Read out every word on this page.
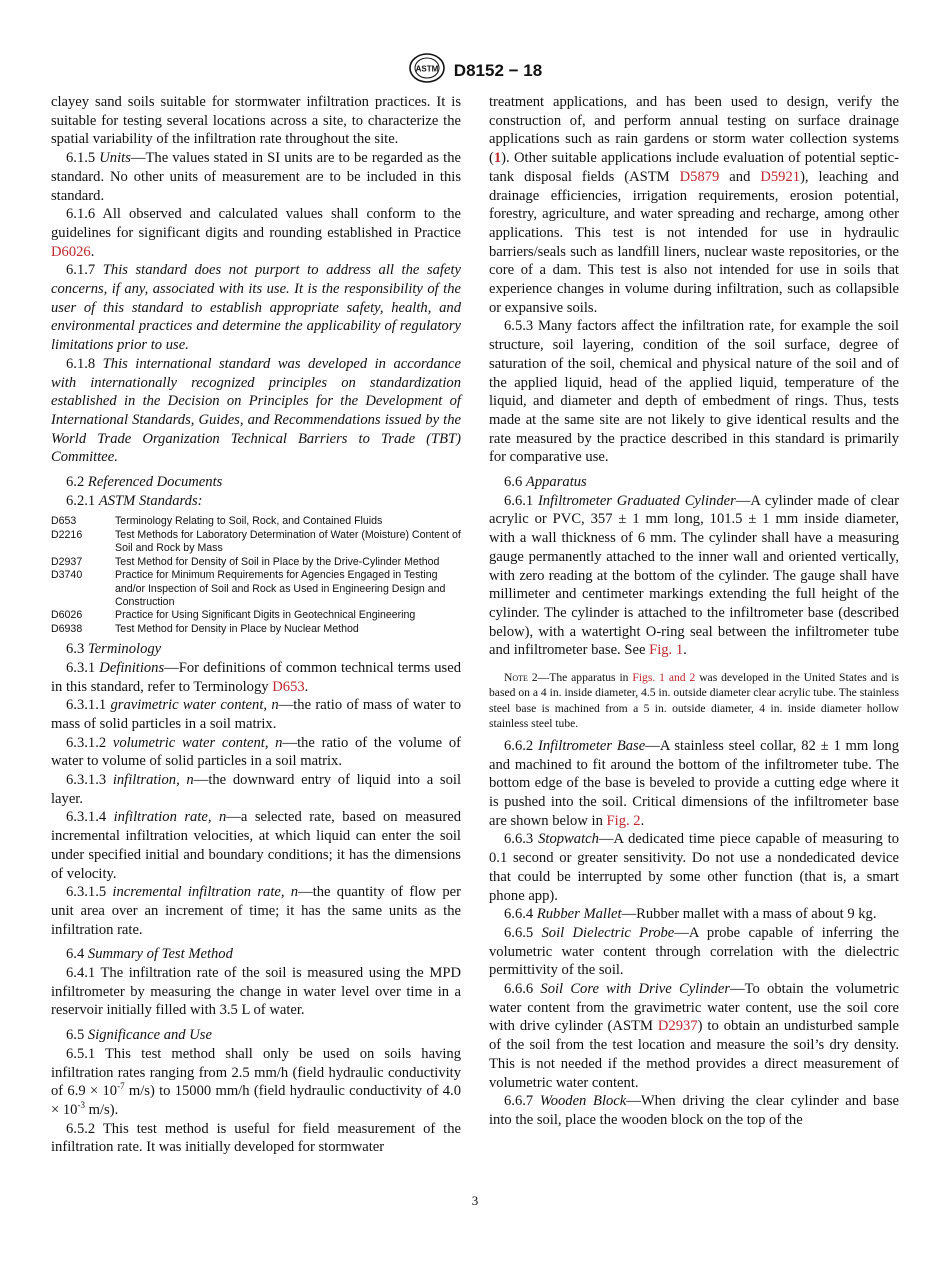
ASTM D8152 − 18

clayey sand soils suitable for stormwater infiltration practices. It is suitable for testing several locations across a site, to characterize the spatial variability of the infiltration rate throughout the site.

6.1.5 Units—The values stated in SI units are to be regarded as the standard. No other units of measurement are to be included in this standard.

6.1.6 All observed and calculated values shall conform to the guidelines for significant digits and rounding established in Practice D6026.

6.1.7 This standard does not purport to address all the safety concerns, if any, associated with its use. It is the responsibility of the user of this standard to establish appropriate safety, health, and environmental practices and determine the applicability of regulatory limitations prior to use.

6.1.8 This international standard was developed in accordance with internationally recognized principles on standardization established in the Decision on Principles for the Development of International Standards, Guides, and Recommendations issued by the World Trade Organization Technical Barriers to Trade (TBT) Committee.

6.2 Referenced Documents

6.2.1 ASTM Standards:

D653	Terminology Relating to Soil, Rock, and Contained Fluids
D2216	Test Methods for Laboratory Determination of Water (Moisture) Content of Soil and Rock by Mass
D2937	Test Method for Density of Soil in Place by the Drive-Cylinder Method
D3740	Practice for Minimum Requirements for Agencies Engaged in Testing and/or Inspection of Soil and Rock as Used in Engineering Design and Construction
D6026	Practice for Using Significant Digits in Geotechnical Engineering
D6938	Test Method for Density in Place by Nuclear Method

6.3 Terminology

6.3.1 Definitions—For definitions of common technical terms used in this standard, refer to Terminology D653.

6.3.1.1 gravimetric water content, n—the ratio of mass of water to mass of solid particles in a soil matrix.

6.3.1.2 volumetric water content, n—the ratio of the volume of water to volume of solid particles in a soil matrix.

6.3.1.3 infiltration, n—the downward entry of liquid into a soil layer.

6.3.1.4 infiltration rate, n—a selected rate, based on measured incremental infiltration velocities, at which liquid can enter the soil under specified initial and boundary conditions; it has the dimensions of velocity.

6.3.1.5 incremental infiltration rate, n—the quantity of flow per unit area over an increment of time; it has the same units as the infiltration rate.

6.4 Summary of Test Method

6.4.1 The infiltration rate of the soil is measured using the MPD infiltrometer by measuring the change in water level over time in a reservoir initially filled with 3.5 L of water.

6.5 Significance and Use

6.5.1 This test method shall only be used on soils having infiltration rates ranging from 2.5 mm/h (field hydraulic conductivity of $6.9 \times 10^{-7}$ m/s) to 15000 mm/h (field hydraulic conductivity of $4.0 \times 10^{-3}$ m/s).

6.5.2 This test method is useful for field measurement of the infiltration rate. It was initially developed for stormwater

treatment applications, and has been used to design, verify the construction of, and perform annual testing on surface drainage applications such as rain gardens or storm water collection systems (1). Other suitable applications include evaluation of potential septic-tank disposal fields (ASTM D5879 and D5921), leaching and drainage efficiencies, irrigation requirements, erosion potential, forestry, agriculture, and water spreading and recharge, among other applications. This test is not intended for use in hydraulic barriers/seals such as landfill liners, nuclear waste repositories, or the core of a dam. This test is also not intended for use in soils that experience changes in volume during infiltration, such as collapsible or expansive soils.

6.5.3 Many factors affect the infiltration rate, for example the soil structure, soil layering, condition of the soil surface, degree of saturation of the soil, chemical and physical nature of the soil and of the applied liquid, head of the applied liquid, temperature of the liquid, and diameter and depth of embedment of rings. Thus, tests made at the same site are not likely to give identical results and the rate measured by the practice described in this standard is primarily for comparative use.

6.6 Apparatus

6.6.1 Infiltrometer Graduated Cylinder—A cylinder made of clear acrylic or PVC, 357 ± 1 mm long, 101.5 ± 1 mm inside diameter, with a wall thickness of 6 mm. The cylinder shall have a measuring gauge permanently attached to the inner wall and oriented vertically, with zero reading at the bottom of the cylinder. The gauge shall have millimeter and centimeter markings extending the full height of the cylinder. The cylinder is attached to the infiltrometer base (described below), with a watertight O-ring seal between the infiltrometer tube and infiltrometer base. See Fig. 1.

Note 2—The apparatus in Figs. 1 and 2 was developed in the United States and is based on a 4 in. inside diameter, 4.5 in. outside diameter clear acrylic tube. The stainless steel base is machined from a 5 in. outside diameter, 4 in. inside diameter hollow stainless steel tube.

6.6.2 Infiltrometer Base—A stainless steel collar, 82 ± 1 mm long and machined to fit around the bottom of the infiltrometer tube. The bottom edge of the base is beveled to provide a cutting edge where it is pushed into the soil. Critical dimensions of the infiltrometer base are shown below in Fig. 2.

6.6.3 Stopwatch—A dedicated time piece capable of measuring to 0.1 second or greater sensitivity. Do not use a nondedicated device that could be interrupted by some other function (that is, a smart phone app).

6.6.4 Rubber Mallet—Rubber mallet with a mass of about 9 kg.

6.6.5 Soil Dielectric Probe—A probe capable of inferring the volumetric water content through correlation with the dielectric permittivity of the soil.

6.6.6 Soil Core with Drive Cylinder—To obtain the volumetric water content from the gravimetric water content, use the soil core with drive cylinder (ASTM D2937) to obtain an undisturbed sample of the soil from the test location and measure the soil’s dry density. This is not needed if the method provides a direct measurement of volumetric water content.

6.6.7 Wooden Block—When driving the clear cylinder and base into the soil, place the wooden block on the top of the

3
